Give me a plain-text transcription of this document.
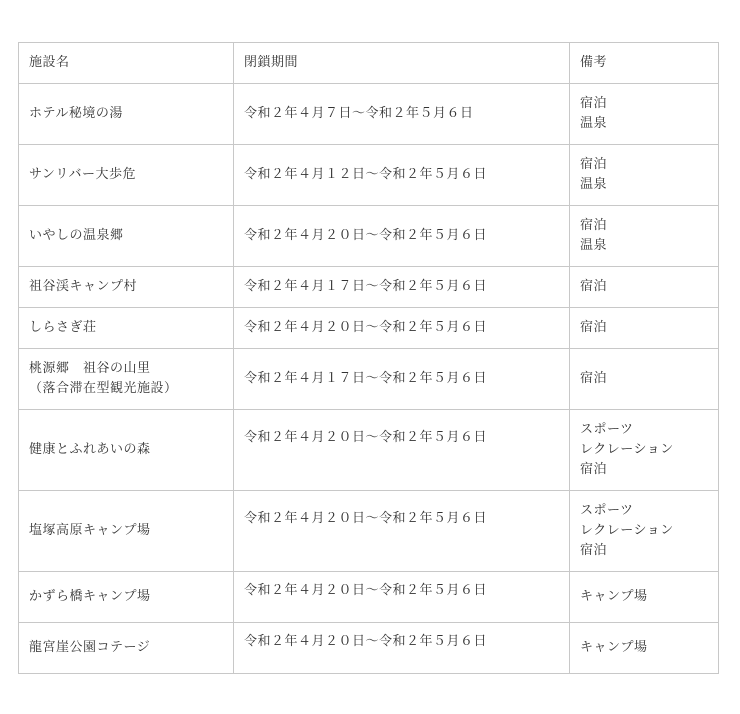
施設名	閉鎖期間	備考

ホテル秘境の湯	令和２年４月７日～令和２年５月６日	宿泊
温泉

サンリバー大歩危	令和２年４月１２日～令和２年５月６日	宿泊
温泉

いやしの温泉郷	令和２年４月２０日～令和２年５月６日	宿泊
温泉

祖谷渓キャンプ村	令和２年４月１７日～令和２年５月６日	宿泊

しらさぎ荘	令和２年４月２０日～令和２年５月６日	宿泊

桃源郷　祖谷の山里
（落合滞在型観光施設）	令和２年４月１７日～令和２年５月６日	宿泊

健康とふれあいの森	令和２年４月２０日～令和２年５月６日	スポーツ
レクレーション
宿泊

塩塚高原キャンプ場	令和２年４月２０日～令和２年５月６日	スポーツ
レクレーション
宿泊

かずら橋キャンプ場	令和２年４月２０日～令和２年５月６日	キャンプ場

龍宮崖公園コテージ	令和２年４月２０日～令和２年５月６日	キャンプ場
